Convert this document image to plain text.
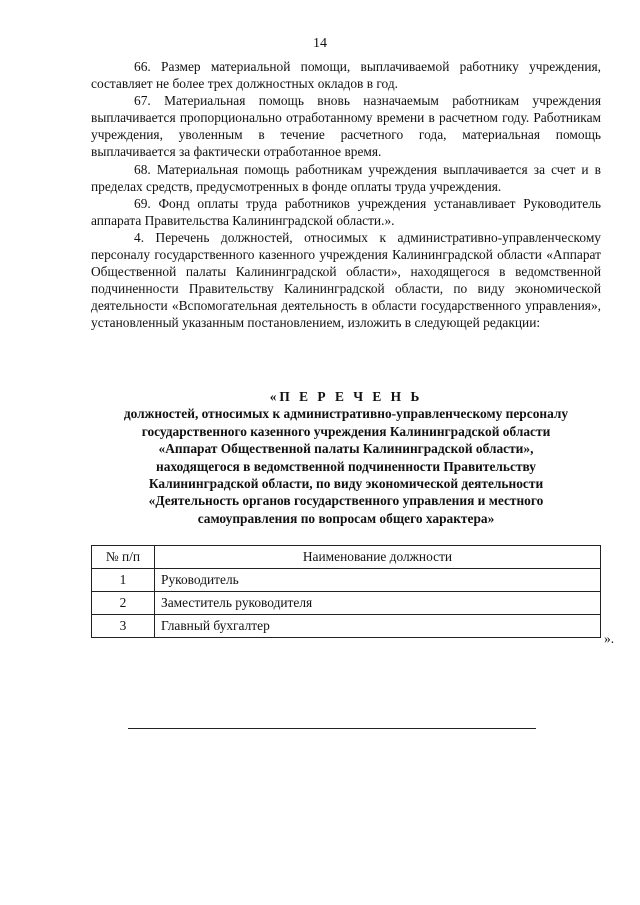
14

66. Размер материальной помощи, выплачиваемой работнику учреждения, составляет не более трех должностных окладов в год.

67. Материальная помощь вновь назначаемым работникам учреждения выплачивается пропорционально отработанному времени в расчетном году. Работникам учреждения, уволенным в течение расчетного года, материальная помощь выплачивается за фактически отработанное время.

68. Материальная помощь работникам учреждения выплачивается за счет и в пределах средств, предусмотренных в фонде оплаты труда учреждения.

69. Фонд оплаты труда работников учреждения устанавливает Руководитель аппарата Правительства Калининградской области.».

4. Перечень должностей, относимых к административно-управленческому персоналу государственного казенного учреждения Калининградской области «Аппарат Общественной палаты Калининградской области», находящегося в ведомственной подчиненности Правительству Калининградской области, по виду экономической деятельности «Вспомогательная деятельность в области государственного управления», установленный указанным постановлением, изложить в следующей редакции:

«П Е Р Е Ч Е Н Ь
должностей, относимых к административно-управленческому персоналу
государственного казенного учреждения Калининградской области
«Аппарат Общественной палаты Калининградской области»,
находящегося в ведомственной подчиненности Правительству
Калининградской области, по виду экономической деятельности
«Деятельность органов государственного управления и местного
самоуправления по вопросам общего характера»
№ п/п	Наименование должности
1	Руководитель
2	Заместитель руководителя
3	Главный бухгалтер
».
